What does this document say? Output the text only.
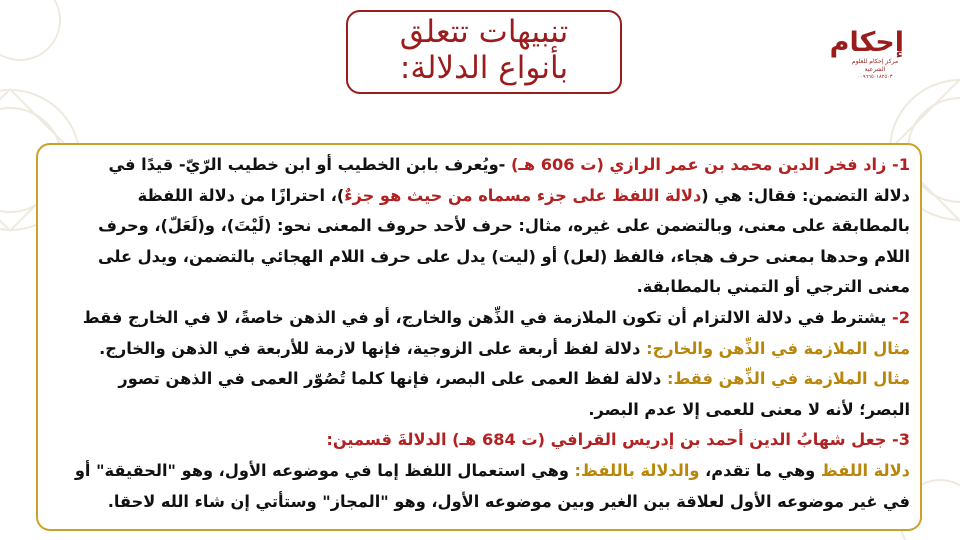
تنبيهات تتعلق
بأنواع الدلالة:
إحكام
مركز إحكام للعلوم الشرعية
٠٠٩٦٦٥٠١٨٢٥٠٣
1- زاد فخر الدين محمد بن عمر الرازي (ت 606 هـ) -ويُعرف بابن الخطيب أو ابن خطيب الرّيّ- قيدًا في
دلالة التضمن: فقال: هي (دلالة اللفظ على جزء مسماه من حيث هو جزءٌ)، احترازًا من دلالة اللفظة
بالمطابقة على معنى، وبالتضمن على غيره، مثال: حرف لأحد حروف المعنى نحو: (لَيْتَ)، و(لَعَلّ)، وحرف
اللام وحدها بمعنى حرف هجاء، فالفظ (لعل) أو (ليت) يدل على حرف اللام الهجائي بالتضمن، ويدل على
معنى الترجي أو التمني بالمطابقة.
2- يشترط في دلالة الالتزام أن تكون الملازمة في الذِّهن والخارج، أو في الذهن خاصةً، لا في الخارج فقط
مثال الملازمة في الذِّهن والخارج: دلالة لفظ أربعة على الزوجية، فإنها لازمة للأربعة في الذهن والخارج.
مثال الملازمة في الذِّهن فقط: دلالة لفظ العمى على البصر، فإنها كلما تُصُوّر العمى في الذهن تصور
البصر؛ لأنه لا معنى للعمى إلا عدم البصر.
3- جعل شهابُ الدين أحمد بن إدريس القرافي (ت 684 هـ) الدلالةَ قسمين:
دلالة اللفظ وهي ما تقدم، والدلالة باللفظ: وهي استعمال اللفظ إما في موضوعه الأول، وهو "الحقيقة" أو
في غير موضوعه الأول لعلاقة بين الغير وبين موضوعه الأول، وهو "المجاز" وستأتي إن شاء الله لاحقا.
